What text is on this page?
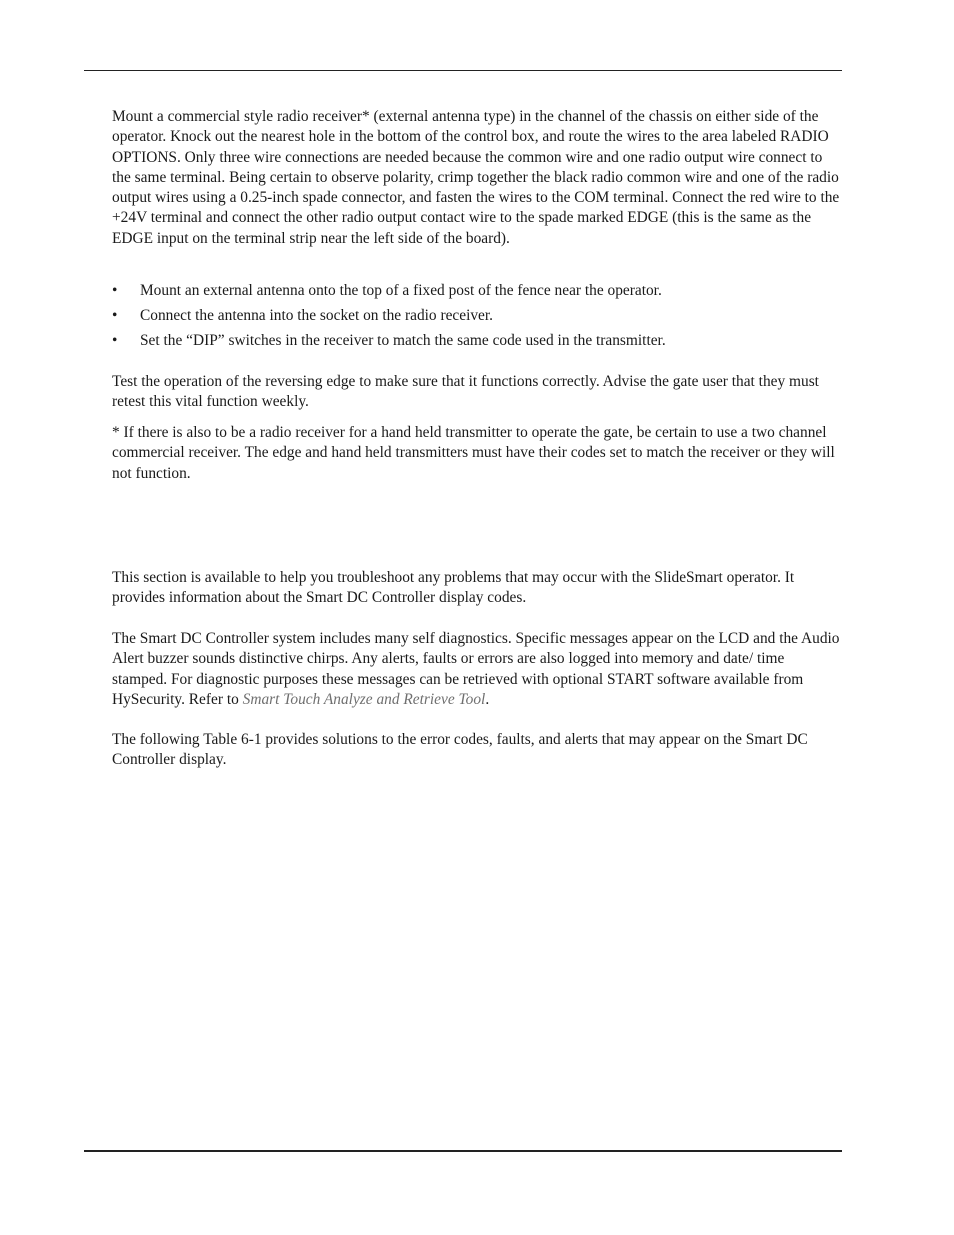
Mount a commercial style radio receiver* (external antenna type) in the channel of the chassis on either side of the operator. Knock out the nearest hole in the bottom of the control box, and route the wires to the area labeled RADIO OPTIONS. Only three wire connections are needed because the common wire and one radio output wire connect to the same terminal. Being certain to observe polarity, crimp together the black radio common wire and one of the radio output wires using a 0.25-inch spade connector, and fasten the wires to the COM terminal. Connect the red wire to the +24V terminal and connect the other radio output contact wire to the spade marked EDGE (this is the same as the EDGE input on the terminal strip near the left side of the board).

• Mount an external antenna onto the top of a fixed post of the fence near the operator.
• Connect the antenna into the socket on the radio receiver.
• Set the “DIP” switches in the receiver to match the same code used in the transmitter.

Test the operation of the reversing edge to make sure that it functions correctly. Advise the gate user that they must retest this vital function weekly.

* If there is also to be a radio receiver for a hand held transmitter to operate the gate, be certain to use a two channel commercial receiver. The edge and hand held transmitters must have their codes set to match the receiver or they will not function.

This section is available to help you troubleshoot any problems that may occur with the SlideSmart operator. It provides information about the Smart DC Controller display codes.

The Smart DC Controller system includes many self diagnostics. Specific messages appear on the LCD and the Audio Alert buzzer sounds distinctive chirps. Any alerts, faults or errors are also logged into memory and date/ time stamped. For diagnostic purposes these messages can be retrieved with optional START software available from HySecurity. Refer to Smart Touch Analyze and Retrieve Tool.

The following Table 6-1 provides solutions to the error codes, faults, and alerts that may appear on the Smart DC Controller display.
